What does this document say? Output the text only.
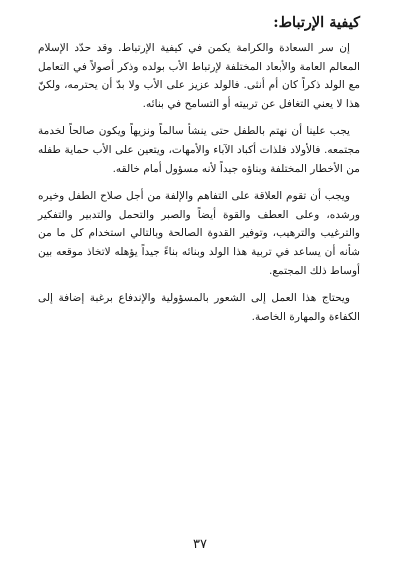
كيفية الإرتباط:

إن سر السعادة والكرامة يكمن في كيفية الإرتباط. وقد حدّد الإسلام المعالم العامة والأبعاد المختلفة لإرتباط الأب بولده وذكر أصولاً في التعامل مع الولد ذكراً كان أم أنثى. فالولد عزيز على الأب ولا بدّ أن يحترمه، ولكنّ هذا لا يعني التغافل عن تربيته أو التسامح في بنائه.

يجب علينا أن نهتم بالطفل حتى ينشأ سالماً ونزيهاً ويكون صالحاً لخدمة مجتمعه. فالأولاد فلذات أكباد الآباء والأمهات، ويتعين على الأب حماية طفله من الأخطار المختلفة وبناؤه جيداً لأنه مسؤول أمام خالقه.

ويجب أن تقوم العلاقة على التفاهم والإلفة من أجل صلاح الطفل وخيره ورشده، وعلى العطف والقوة أيضاً والصبر والتحمل والتدبير والتفكير والترغيب والترهيب، وتوفير القدوة الصالحة وبالتالي استخدام كل ما من شأنه أن يساعد في تربية هذا الولد وبنائه بناءً جيداً يؤهله لاتخاذ موقعه بين أوساط ذلك المجتمع.

ويحتاج هذا العمل إلى الشعور بالمسؤولية والإندفاع برغبة إضافة إلى الكفاءة والمهارة الخاصة.

٣٧
